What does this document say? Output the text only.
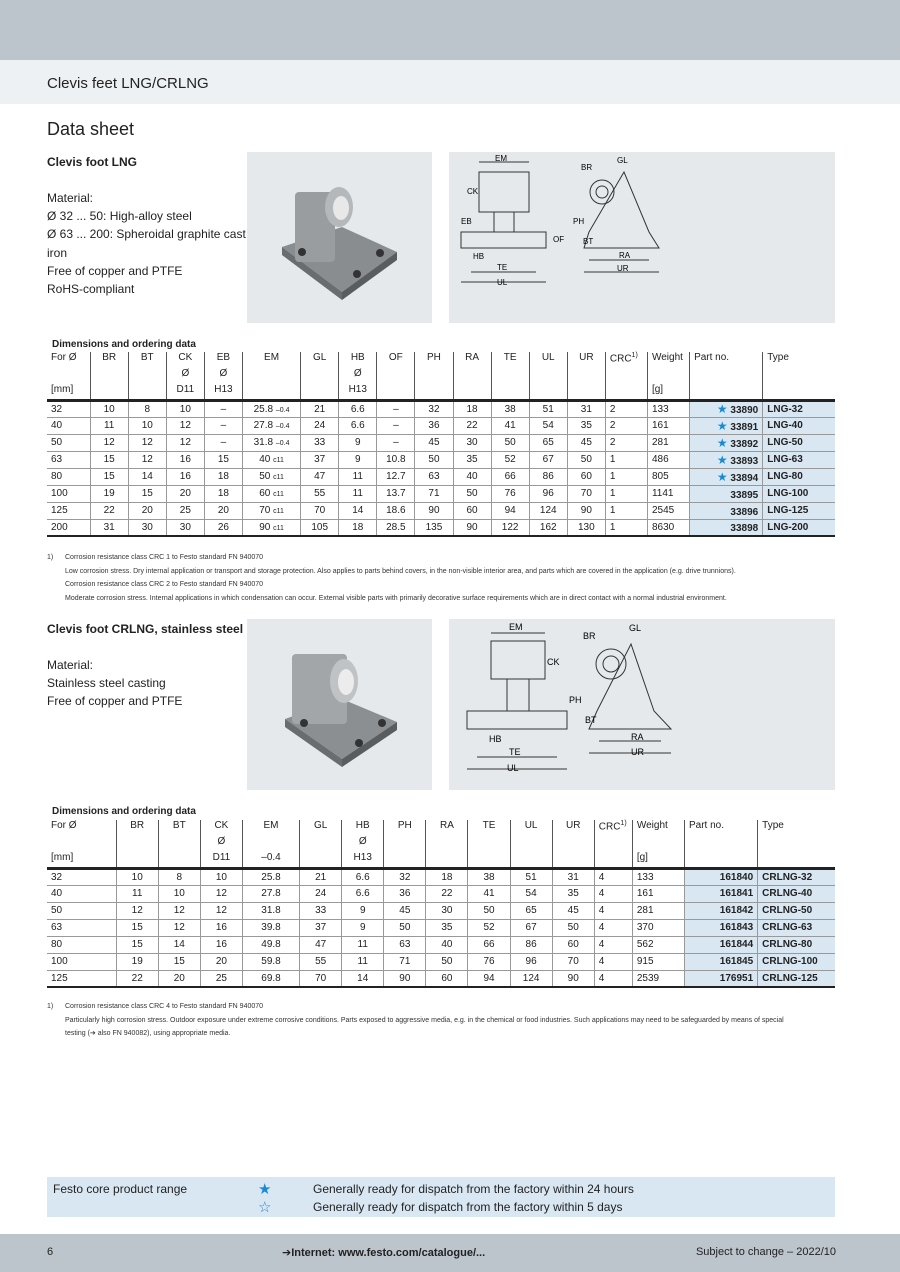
Clevis feet LNG/CRLNG
Data sheet
Clevis foot LNG
Material:
Ø 32 ... 50: High-alloy steel
Ø 63 ... 200: Spheroidal graphite cast
iron
Free of copper and PTFE
RoHS-compliant
EM
CK
EB
HB
TE
UL
OF
PH
BT
BR
GL
RA
UR
Dimensions and ordering data
For Ø	BR	BT	CK	EB	EM	GL	HB	OF	PH	RA	TE	UL	UR	CRC$^{1)}$	Weight	Part no.	Type
			Ø	Ø			Ø										
[mm]			D11	H13			H13								[g]		
32	10	8	10	–	25.8 –0.4	21	6.6	–	32	18	38	51	31	2	133	★ 33890	LNG-32
40	11	10	12	–	27.8 –0.4	24	6.6	–	36	22	41	54	35	2	161	★ 33891	LNG-40
50	12	12	12	–	31.8 –0.4	33	9	–	45	30	50	65	45	2	281	★ 33892	LNG-50
63	15	12	16	15	40 c11	37	9	10.8	50	35	52	67	50	1	486	★ 33893	LNG-63
80	15	14	16	18	50 c11	47	11	12.7	63	40	66	86	60	1	805	★ 33894	LNG-80
100	19	15	20	18	60 c11	55	11	13.7	71	50	76	96	70	1	1141	33895	LNG-100
125	22	20	25	20	70 c11	70	14	18.6	90	60	94	124	90	1	2545	33896	LNG-125
200	31	30	30	26	90 c11	105	18	28.5	135	90	122	162	130	1	8630	33898	LNG-200
1) Corrosion resistance class CRC 1 to Festo standard FN 940070
Low corrosion stress. Dry internal application or transport and storage protection. Also applies to parts behind covers, in the non-visible interior area, and parts which are covered in the application (e.g. drive trunnions).
Corrosion resistance class CRC 2 to Festo standard FN 940070
Moderate corrosion stress. Internal applications in which condensation can occur. External visible parts with primarily decorative surface requirements which are in direct contact with a normal industrial environment.
Clevis foot CRLNG, stainless steel
Material:
Stainless steel casting
Free of copper and PTFE
EM
CK
HB
TE
UL
PH
BT
BR
GL
RA
UR
Dimensions and ordering data
For Ø	BR	BT	CK	EM	GL	HB	PH	RA	TE	UL	UR	CRC$^{1)}$	Weight	Part no.	Type
			Ø			Ø									
[mm]			D11	–0.4		H13							[g]		
32	10	8	10	25.8	21	6.6	32	18	38	51	31	4	133	161840	CRLNG-32
40	11	10	12	27.8	24	6.6	36	22	41	54	35	4	161	161841	CRLNG-40
50	12	12	12	31.8	33	9	45	30	50	65	45	4	281	161842	CRLNG-50
63	15	12	16	39.8	37	9	50	35	52	67	50	4	370	161843	CRLNG-63
80	15	14	16	49.8	47	11	63	40	66	86	60	4	562	161844	CRLNG-80
100	19	15	20	59.8	55	11	71	50	76	96	70	4	915	161845	CRLNG-100
125	22	20	25	69.8	70	14	90	60	94	124	90	4	2539	176951	CRLNG-125
1) Corrosion resistance class CRC 4 to Festo standard FN 940070
Particularly high corrosion stress. Outdoor exposure under extreme corrosive conditions. Parts exposed to aggressive media, e.g. in the chemical or food industries. Such applications may need to be safeguarded by means of special
testing (➔ also FN 940082), using appropriate media.
Festo core product range	★
☆
Generally ready for dispatch from the factory within 24 hours
Generally ready for dispatch from the factory within 5 days
6	➔Internet: www.festo.com/catalogue/...	Subject to change – 2022/10
